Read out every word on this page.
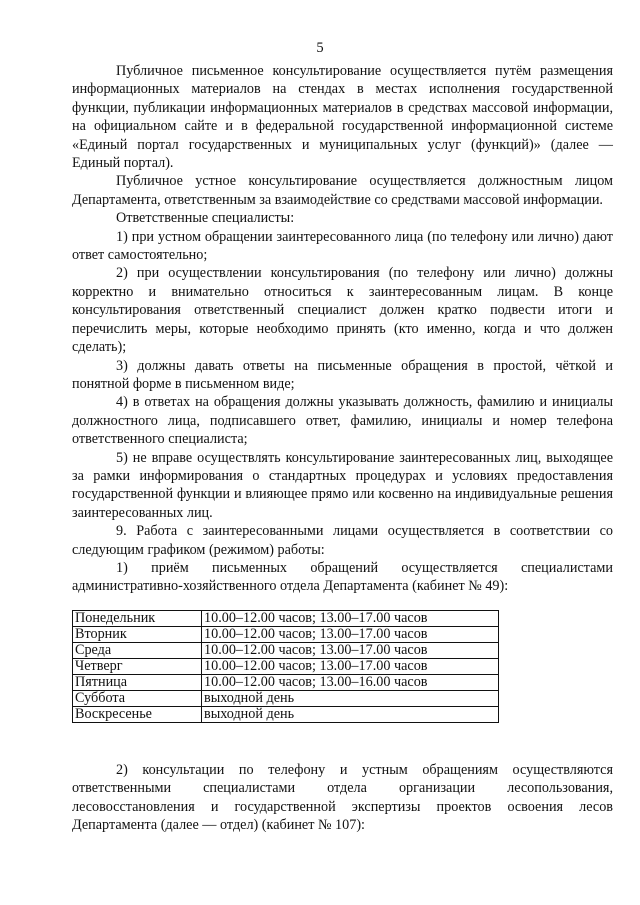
5

Публичное письменное консультирование осуществляется путём размещения информационных материалов на стендах в местах исполнения государственной функции, публикации информационных материалов в средствах массовой информации, на официальном сайте и в федеральной государственной информационной системе «Единый портал государственных и муниципальных услуг (функций)» (далее — Единый портал).

Публичное устное консультирование осуществляется должностным лицом Департамента, ответственным за взаимодействие со средствами массовой информации.

Ответственные специалисты:

1) при устном обращении заинтересованного лица (по телефону или лично) дают ответ самостоятельно;

2) при осуществлении консультирования (по телефону или лично) должны корректно и внимательно относиться к заинтересованным лицам. В конце консультирования ответственный специалист должен кратко подвести итоги и перечислить меры, которые необходимо принять (кто именно, когда и что должен сделать);

3) должны давать ответы на письменные обращения в простой, чёткой и понятной форме в письменном виде;

4) в ответах на обращения должны указывать должность, фамилию и инициалы должностного лица, подписавшего ответ, фамилию, инициалы и номер телефона ответственного специалиста;

5) не вправе осуществлять консультирование заинтересованных лиц, выходящее за рамки информирования о стандартных процедурах и условиях предоставления государственной функции и влияющее прямо или косвенно на индивидуальные решения заинтересованных лиц.

9. Работа с заинтересованными лицами осуществляется в соответствии со следующим графиком (режимом) работы:

1) приём письменных обращений осуществляется специалистами административно-хозяйственного отдела Департамента (кабинет № 49):

Понедельник	10.00–12.00 часов; 13.00–17.00 часов
Вторник	10.00–12.00 часов; 13.00–17.00 часов
Среда	10.00–12.00 часов; 13.00–17.00 часов
Четверг	10.00–12.00 часов; 13.00–17.00 часов
Пятница	10.00–12.00 часов; 13.00–16.00 часов
Суббота	выходной день
Воскресенье	выходной день

2) консультации по телефону и устным обращениям осуществляются ответственными специалистами отдела организации лесопользования, лесовосстановления и государственной экспертизы проектов освоения лесов Департамента (далее — отдел) (кабинет № 107):
